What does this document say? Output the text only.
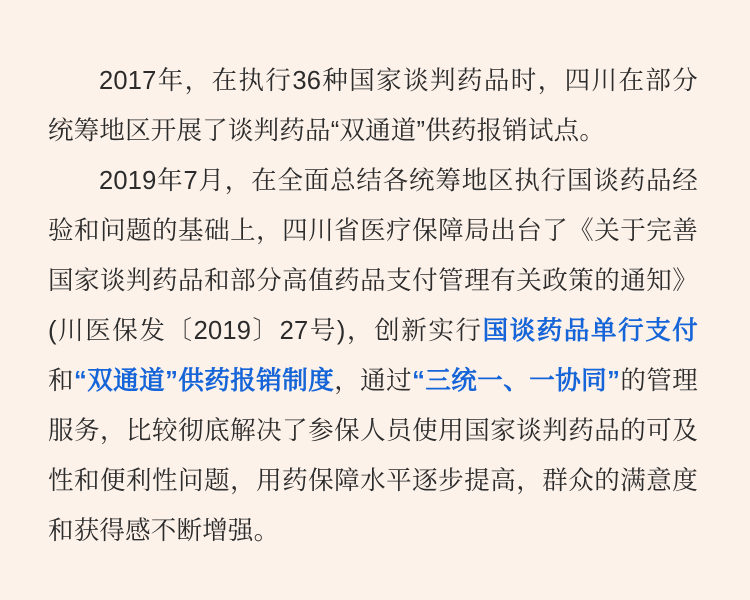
2017年，在执行36种国家谈判药品时，四川在部分统筹地区开展了谈判药品“双通道”供药报销试点。

2019年7月，在全面总结各统筹地区执行国谈药品经验和问题的基础上，四川省医疗保障局出台了《关于完善国家谈判药品和部分高值药品支付管理有关政策的通知》(川医保发〔2019〕27号)，创新实行国谈药品单行支付和“双通道”供药报销制度，通过“三统一、一协同”的管理服务，比较彻底解决了参保人员使用国家谈判药品的可及性和便利性问题，用药保障水平逐步提高，群众的满意度和获得感不断增强。
